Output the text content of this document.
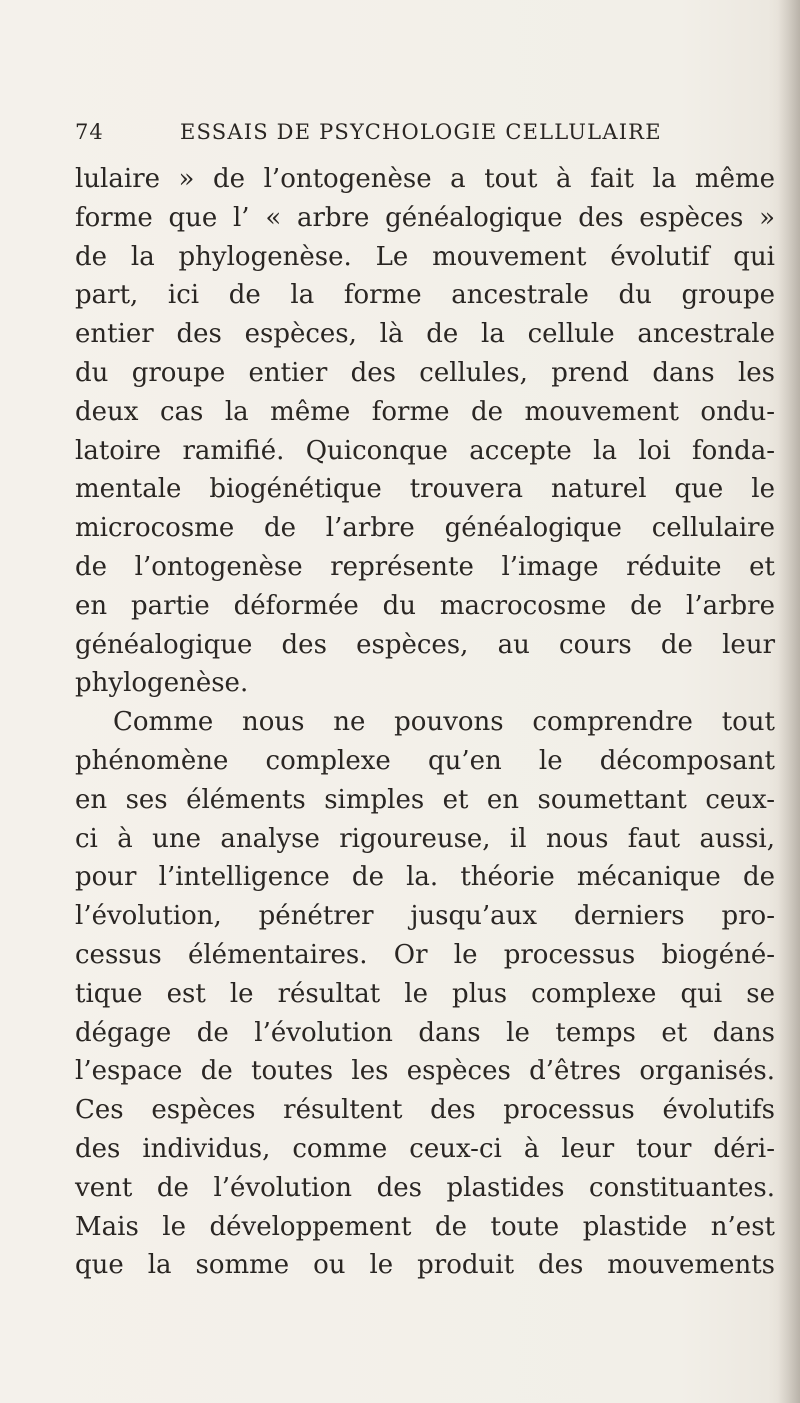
74	ESSAIS DE PSYCHOLOGIE CELLULAIRE
lulaire » de l’ontogenèse a tout à fait la même
forme que l’ « arbre généalogique des espèces »
de la phylogenèse. Le mouvement évolutif qui
part, ici de la forme ancestrale du groupe
entier des espèces, là de la cellule ancestrale
du groupe entier des cellules, prend dans les
deux cas la même forme de mouvement ondu-
latoire ramifié. Quiconque accepte la loi fonda-
mentale biogénétique trouvera naturel que le
microcosme de l’arbre généalogique cellulaire
de l’ontogenèse représente l’image réduite et
en partie déformée du macrocosme de l’arbre
généalogique des espèces, au cours de leur
phylogenèse.
Comme nous ne pouvons comprendre tout
phénomène complexe qu’en le décomposant
en ses éléments simples et en soumettant ceux-
ci à une analyse rigoureuse, il nous faut aussi,
pour l’intelligence de la. théorie mécanique de
l’évolution, pénétrer jusqu’aux derniers pro-
cessus élémentaires. Or le processus biogéné-
tique est le résultat le plus complexe qui se
dégage de l’évolution dans le temps et dans
l’espace de toutes les espèces d’êtres organisés.
Ces espèces résultent des processus évolutifs
des individus, comme ceux-ci à leur tour déri-
vent de l’évolution des plastides constituantes.
Mais le développement de toute plastide n’est
que la somme ou le produit des mouvements
